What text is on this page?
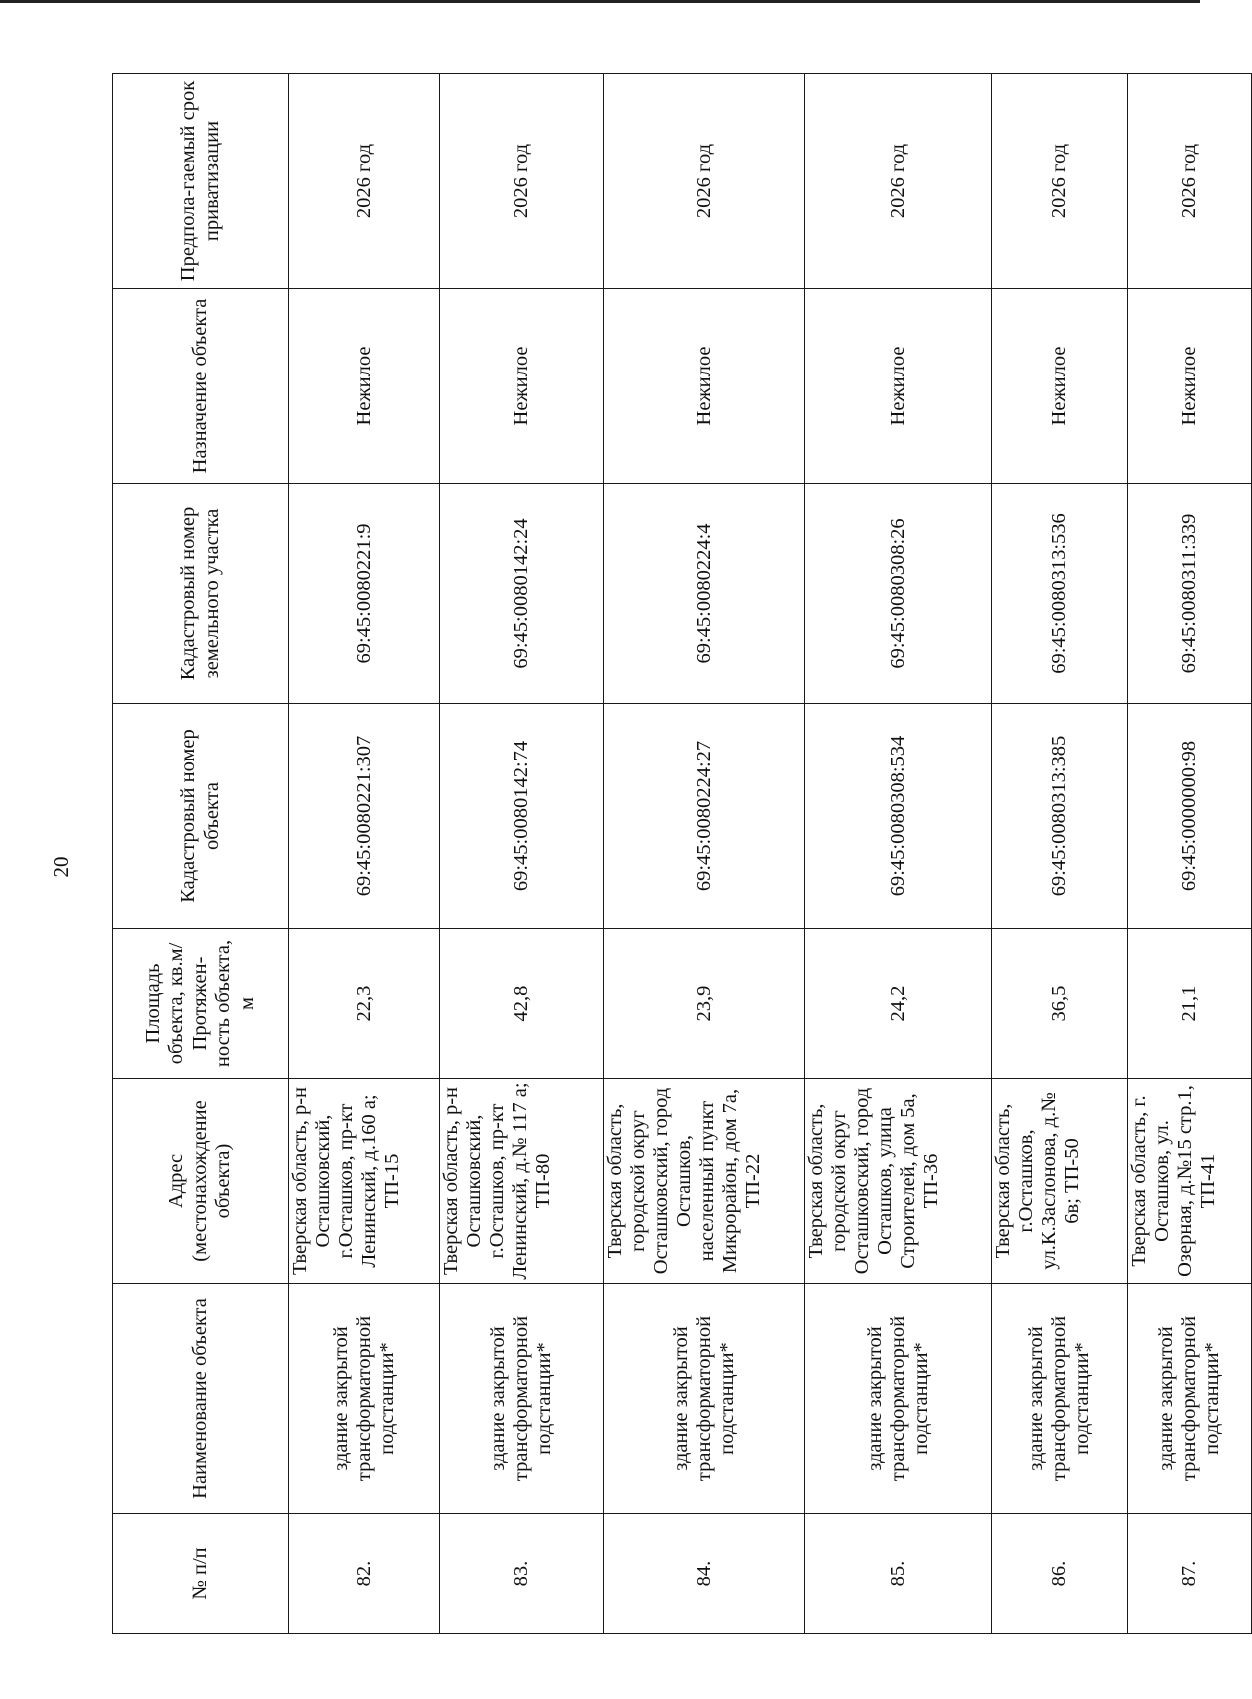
20
№ п/п	Наименование объекта	Адрес (местонахождение объекта)	Площадь объекта, кв.м/ Протяжен-ность объекта, м	Кадастровый номер объекта	Кадастровый номер земельного участка	Назначение объекта	Предпола-гаемый срок приватизации
82.	здание закрытой трансформаторной подстанции*	Тверская область, р-н Осташковский, г.Осташков, пр-кт Ленинский, д.160 а; ТП-15	22,3	69:45:0080221:307	69:45:0080221:9	Нежилое	2026 год
83.	здание закрытой трансформаторной подстанции*	Тверская область, р-н Осташковский, г.Осташков, пр-кт Ленинский, д.№ 117 а; ТП-80	42,8	69:45:0080142:74	69:45:0080142:24	Нежилое	2026 год
84.	здание закрытой трансформаторной подстанции*	Тверская область, городской округ Осташковский, город Осташков, населенный пункт Микрорайон, дом 7а, ТП-22	23,9	69:45:0080224:27	69:45:0080224:4	Нежилое	2026 год
85.	здание закрытой трансформаторной подстанции*	Тверская область, городской округ Осташковский, город Осташков, улица Строителей, дом 5а, ТП-36	24,2	69:45:0080308:534	69:45:0080308:26	Нежилое	2026 год
86.	здание закрытой трансформаторной подстанции*	Тверская область, г.Осташков, ул.К.Заслонова, д.№ 6в; ТП-50	36,5	69:45:0080313:385	69:45:0080313:536	Нежилое	2026 год
87.	здание закрытой трансформаторной подстанции*	Тверская область, г. Осташков, ул. Озерная, д.№15 стр.1, ТП-41	21,1	69:45:0000000:98	69:45:0080311:339	Нежилое	2026 год
